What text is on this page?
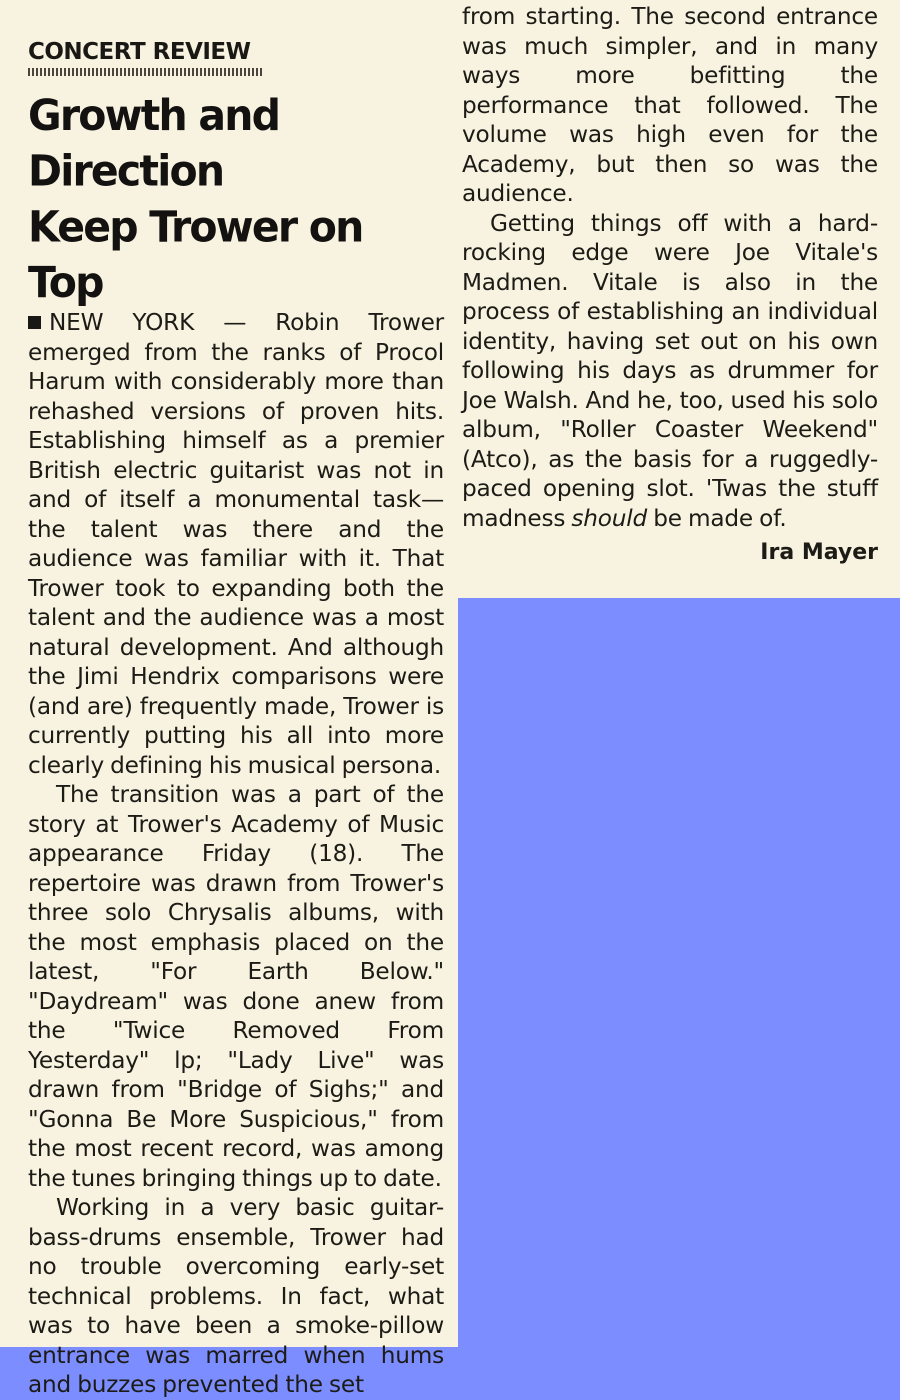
CONCERT REVIEW

Growth and Direction
Keep Trower on Top

NEW YORK — Robin Trower emerged from the ranks of Procol Harum with considerably more than rehashed versions of proven hits. Establishing himself as a premier British electric guitarist was not in and of itself a monumental task—the talent was there and the audience was familiar with it. That Trower took to expanding both the talent and the audience was a most natural development. And although the Jimi Hendrix comparisons were (and are) frequently made, Trower is currently putting his all into more clearly defining his musical persona.

The transition was a part of the story at Trower's Academy of Music appearance Friday (18). The repertoire was drawn from Trower's three solo Chrysalis albums, with the most emphasis placed on the latest, "For Earth Below." "Daydream" was done anew from the "Twice Removed From Yesterday" lp; "Lady Live" was drawn from "Bridge of Sighs;" and "Gonna Be More Suspicious," from the most recent record, was among the tunes bringing things up to date.

Working in a very basic guitar-bass-drums ensemble, Trower had no trouble overcoming early-set technical problems. In fact, what was to have been a smoke-pillow entrance was marred when hums and buzzes prevented the set

from starting. The second entrance was much simpler, and in many ways more befitting the performance that followed. The volume was high even for the Academy, but then so was the audience.

Getting things off with a hard-rocking edge were Joe Vitale's Madmen. Vitale is also in the process of establishing an individual identity, having set out on his own following his days as drummer for Joe Walsh. And he, too, used his solo album, "Roller Coaster Weekend" (Atco), as the basis for a ruggedly-paced opening slot. 'Twas the stuff madness should be made of.

Ira Mayer
